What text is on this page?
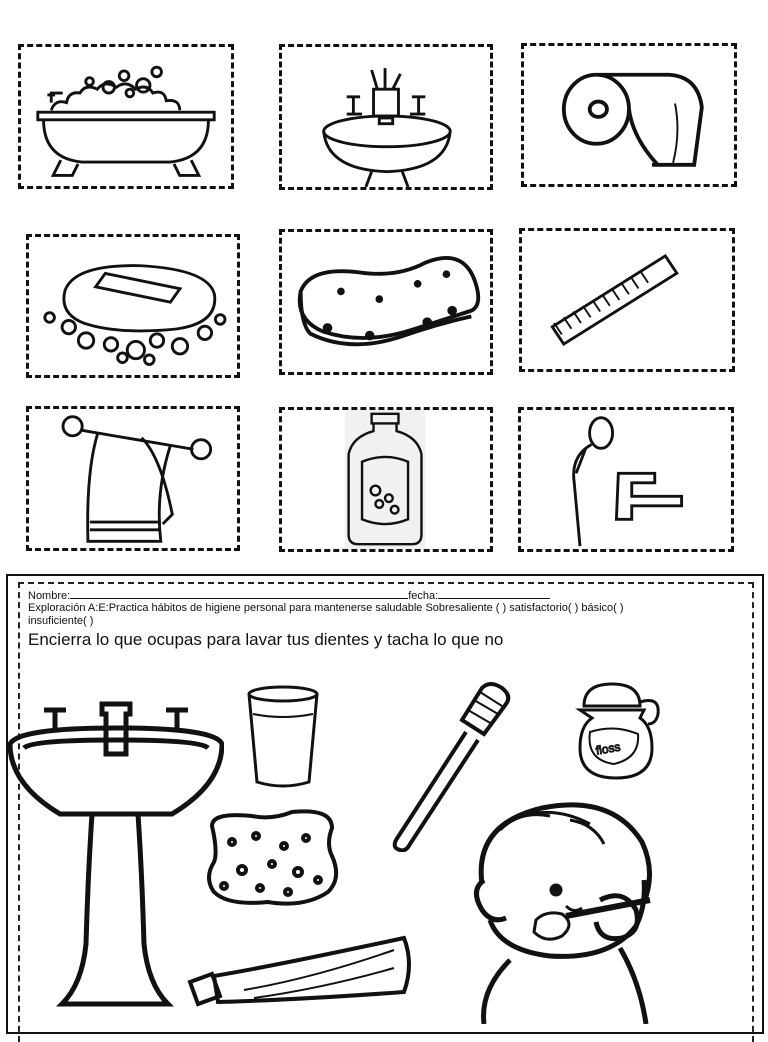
Nombre:	fecha:
Exploración A:E:Practica hábitos de higiene personal para mantenerse saludable Sobresaliente ( ) satisfactorio( ) básico( )
insuficiente( )
Encierra lo que ocupas para lavar tus dientes y tacha lo que no
floss
